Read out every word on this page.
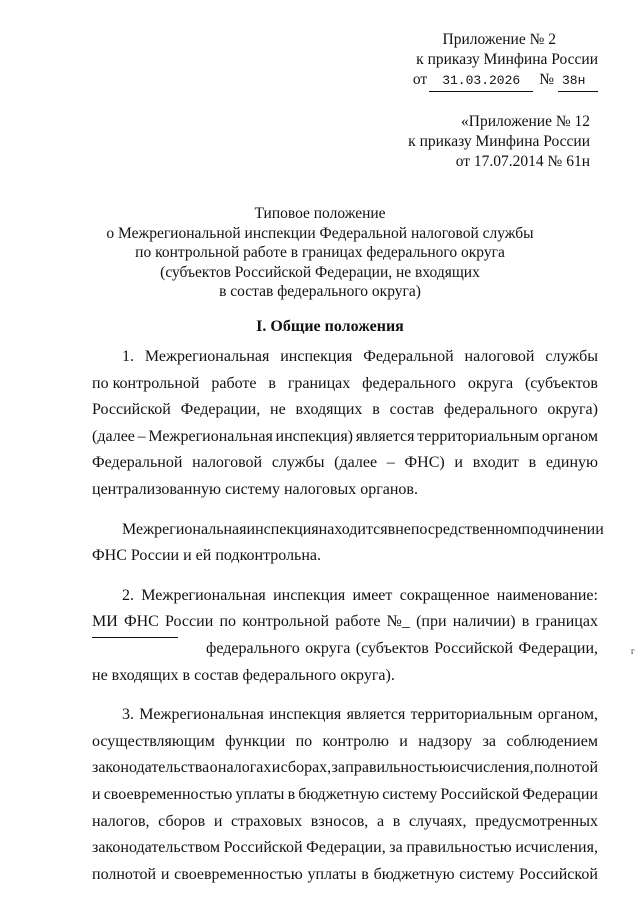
Приложение № 2
к приказу Минфина России
от	31.03.2026	№ 38н
«Приложение № 12
к приказу Минфина России
от 17.07.2014 № 61н
Типовое положение
о Межрегиональной инспекции Федеральной налоговой службы
по контрольной работе в границах федерального округа
(субъектов Российской Федерации, не входящих
в состав федерального округа)
I. Общие положения
1. Межрегиональная инспекция Федеральной налоговой службы
по контрольной работе в границах федерального округа (субъектов
Российской Федерации, не входящих в состав федерального округа)
(далее – Межрегиональная инспекция) является территориальным органом
Федеральной налоговой службы (далее – ФНС) и входит в единую
централизованную систему налоговых органов.
Межрегиональная инспекция находится в непосредственном подчинении
ФНС России и ей подконтрольна.
2. Межрегиональная инспекция имеет сокращенное наименование:
МИ ФНС России по контрольной работе №_ (при наличии) в границах
федерального округа (субъектов Российской Федерации,
не входящих в состав федерального округа).
3. Межрегиональная инспекция является территориальным органом,
осуществляющим функции по контролю и надзору за соблюдением
законодательства о налогах и сборах, за правильностью исчисления, полнотой
и своевременностью уплаты в бюджетную систему Российской Федерации
налогов, сборов и страховых взносов, а в случаях, предусмотренных
законодательством Российской Федерации, за правильностью исчисления,
полнотой и своевременностью уплаты в бюджетную систему Российской
г
